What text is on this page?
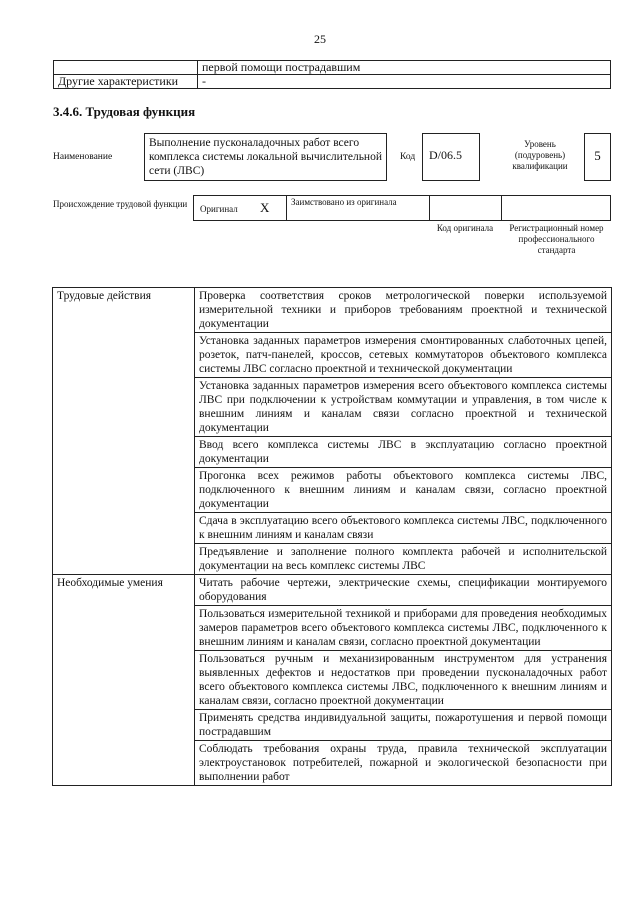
25
	первой помощи пострадавшим
Другие характеристики	-
3.4.6. Трудовая функция
Наименование
Выполнение пусконаладочных работ всего комплекса системы локальной вычислительной сети (ЛВС)
Код	D/06.5
Уровень (подуровень) квалификации
5
Происхождение трудовой функции Оригинал X Заимствовано из оригинала
Код оригинала	Регистрационный номер профессионального стандарта
Трудовые действия	Проверка соответствия сроков метрологической поверки используемой измерительной техники и приборов требованиям проектной и технической документации
	Установка заданных параметров измерения смонтированных слаботочных цепей, розеток, патч-панелей, кроссов, сетевых коммутаторов объектового комплекса системы ЛВС согласно проектной и технической документации
	Установка заданных параметров измерения всего объектового комплекса системы ЛВС при подключении к устройствам коммутации и управления, в том числе к внешним линиям и каналам связи согласно проектной и технической документации
	Ввод всего комплекса системы ЛВС в эксплуатацию согласно проектной документации
	Прогонка всех режимов работы объектового комплекса системы ЛВС, подключенного к внешним линиям и каналам связи, согласно проектной документации
	Сдача в эксплуатацию всего объектового комплекса системы ЛВС, подключенного к внешним линиям и каналам связи
	Предъявление и заполнение полного комплекта рабочей и исполнительской документации на весь комплекс системы ЛВС
Необходимые умения	Читать рабочие чертежи, электрические схемы, спецификации монтируемого оборудования
	Пользоваться измерительной техникой и приборами для проведения необходимых замеров параметров всего объектового комплекса системы ЛВС, подключенного к внешним линиям и каналам связи, согласно проектной документации
	Пользоваться ручным и механизированным инструментом для устранения выявленных дефектов и недостатков при проведении пусконаладочных работ всего объектового комплекса системы ЛВС, подключенного к внешним линиям и каналам связи, согласно проектной документации
	Применять средства индивидуальной защиты, пожаротушения и первой помощи пострадавшим
	Соблюдать требования охраны труда, правила технической эксплуатации электроустановок потребителей, пожарной и экологической безопасности при выполнении работ
